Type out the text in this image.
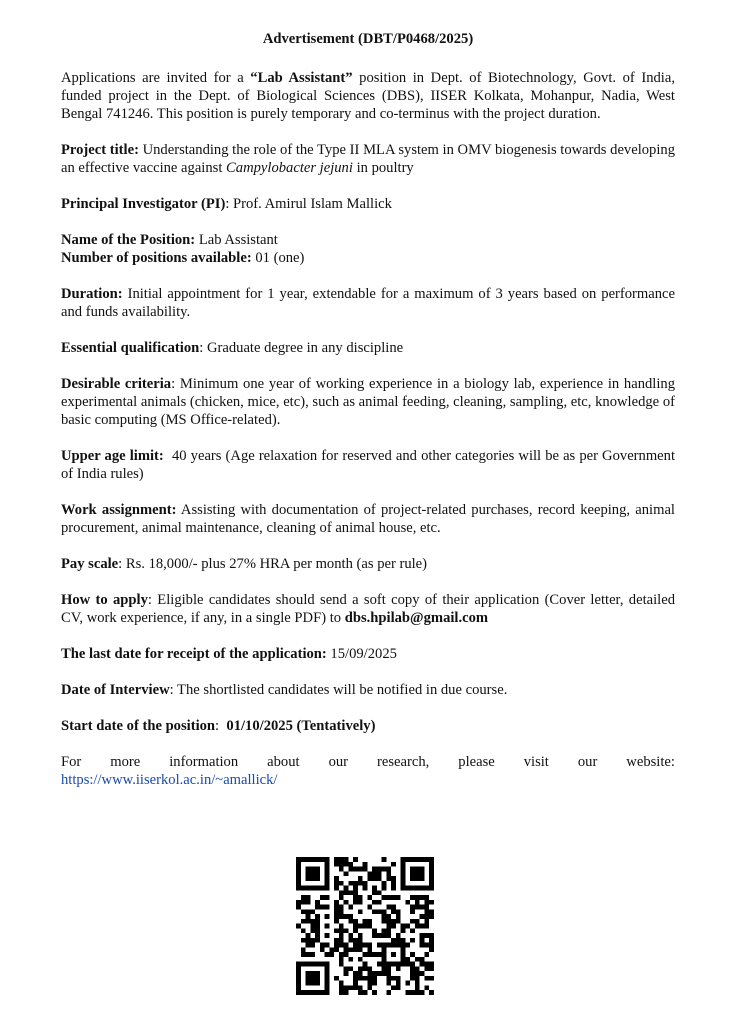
Advertisement (DBT/P0468/2025)

Applications are invited for a “Lab Assistant” position in Dept. of Biotechnology, Govt. of India, funded project in the Dept. of Biological Sciences (DBS), IISER Kolkata, Mohanpur, Nadia, West Bengal 741246. This position is purely temporary and co-terminus with the project duration.

Project title: Understanding the role of the Type II MLA system in OMV biogenesis towards developing an effective vaccine against Campylobacter jejuni in poultry

Principal Investigator (PI): Prof. Amirul Islam Mallick

Name of the Position: Lab Assistant

Number of positions available: 01 (one)

Duration: Initial appointment for 1 year, extendable for a maximum of 3 years based on performance and funds availability.

Essential qualification: Graduate degree in any discipline

Desirable criteria: Minimum one year of working experience in a biology lab, experience in handling experimental animals (chicken, mice, etc), such as animal feeding, cleaning, sampling, etc, knowledge of basic computing (MS Office-related).

Upper age limit:  40 years (Age relaxation for reserved and other categories will be as per Government of India rules)

Work assignment: Assisting with documentation of project-related purchases, record keeping, animal procurement, animal maintenance, cleaning of animal house, etc.

Pay scale: Rs. 18,000/- plus 27% HRA per month (as per rule)

How to apply: Eligible candidates should send a soft copy of their application (Cover letter, detailed CV, work experience, if any, in a single PDF) to dbs.hpilab@gmail.com

The last date for receipt of the application: 15/09/2025

Date of Interview: The shortlisted candidates will be notified in due course.

Start date of the position:  01/10/2025 (Tentatively)

For more information about our research, please visit our website:
https://www.iiserkol.ac.in/~amallick/
